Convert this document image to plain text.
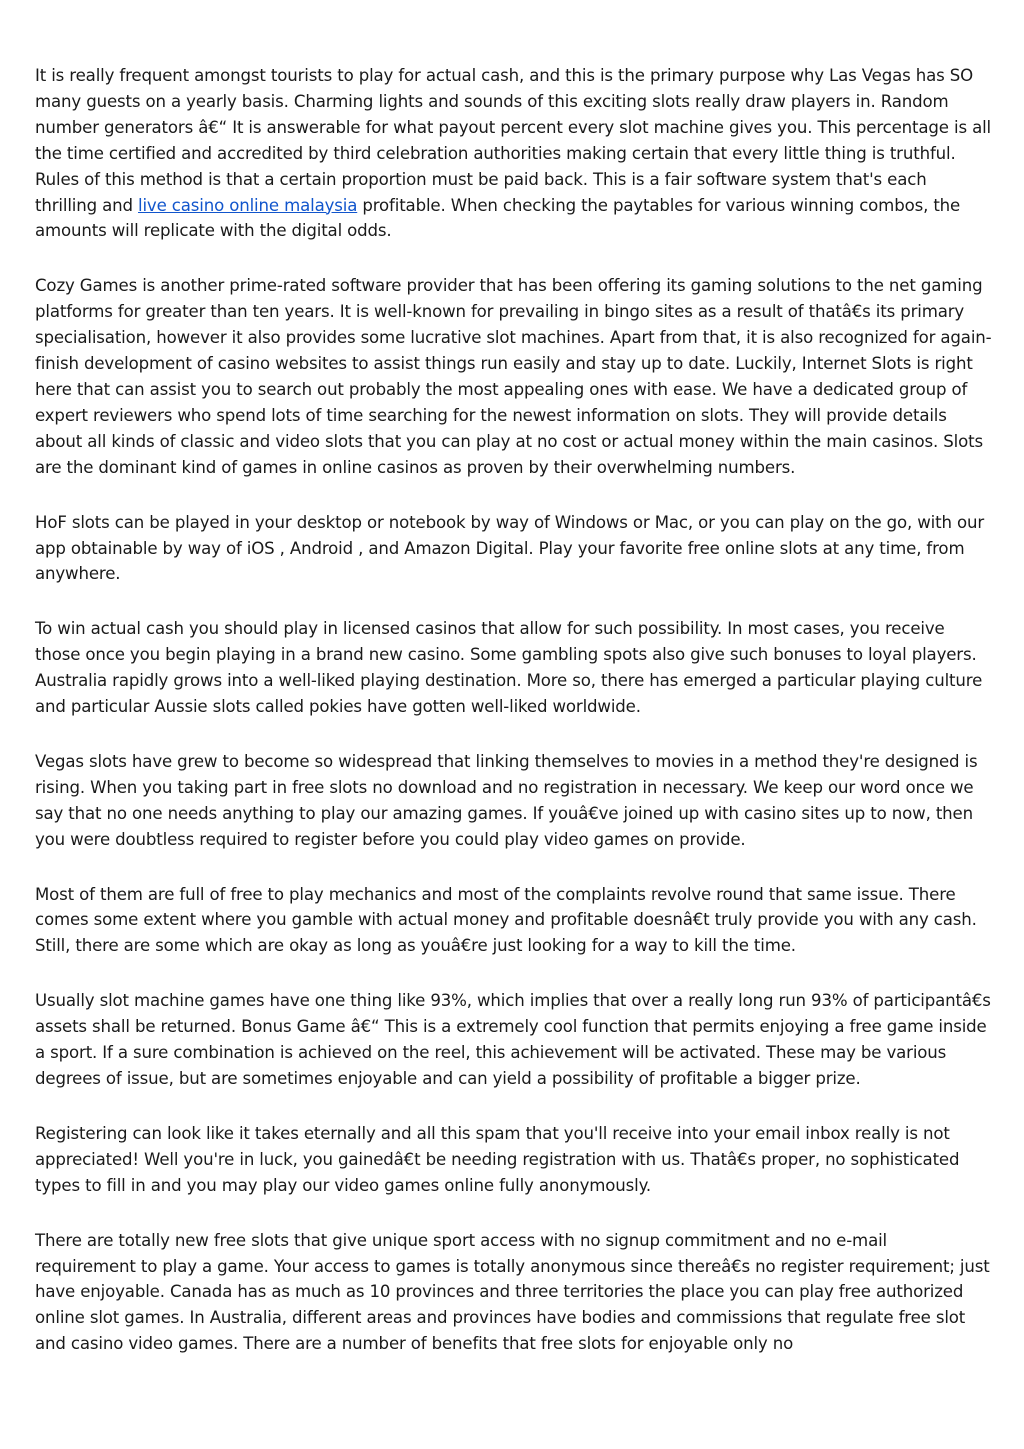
It is really frequent amongst tourists to play for actual cash, and this is the primary purpose why Las Vegas has SO many guests on a yearly basis. Charming lights and sounds of this exciting slots really draw players in. Random number generators â€“ It is answerable for what payout percent every slot machine gives you. This percentage is all the time certified and accredited by third celebration authorities making certain that every little thing is truthful. Rules of this method is that a certain proportion must be paid back. This is a fair software system that's each thrilling and live casino online malaysia profitable. When checking the paytables for various winning combos, the amounts will replicate with the digital odds.

Cozy Games is another prime-rated software provider that has been offering its gaming solutions to the net gaming platforms for greater than ten years. It is well-known for prevailing in bingo sites as a result of thatâ€s its primary specialisation, however it also provides some lucrative slot machines. Apart from that, it is also recognized for again-finish development of casino websites to assist things run easily and stay up to date. Luckily, Internet Slots is right here that can assist you to search out probably the most appealing ones with ease. We have a dedicated group of expert reviewers who spend lots of time searching for the newest information on slots. They will provide details about all kinds of classic and video slots that you can play at no cost or actual money within the main casinos. Slots are the dominant kind of games in online casinos as proven by their overwhelming numbers.

HoF slots can be played in your desktop or notebook by way of Windows or Mac, or you can play on the go, with our app obtainable by way of iOS , Android , and Amazon Digital. Play your favorite free online slots at any time, from anywhere.

To win actual cash you should play in licensed casinos that allow for such possibility. In most cases, you receive those once you begin playing in a brand new casino. Some gambling spots also give such bonuses to loyal players. Australia rapidly grows into a well-liked playing destination. More so, there has emerged a particular playing culture and particular Aussie slots called pokies have gotten well-liked worldwide.

Vegas slots have grew to become so widespread that linking themselves to movies in a method they're designed is rising. When you taking part in free slots no download and no registration in necessary. We keep our word once we say that no one needs anything to play our amazing games. If youâ€ve joined up with casino sites up to now, then you were doubtless required to register before you could play video games on provide.

Most of them are full of free to play mechanics and most of the complaints revolve round that same issue. There comes some extent where you gamble with actual money and profitable doesnâ€t truly provide you with any cash. Still, there are some which are okay as long as youâ€re just looking for a way to kill the time.

Usually slot machine games have one thing like 93%, which implies that over a really long run 93% of participantâ€s assets shall be returned. Bonus Game â€“ This is a extremely cool function that permits enjoying a free game inside a sport. If a sure combination is achieved on the reel, this achievement will be activated. These may be various degrees of issue, but are sometimes enjoyable and can yield a possibility of profitable a bigger prize.

Registering can look like it takes eternally and all this spam that you'll receive into your email inbox really is not appreciated! Well you're in luck, you gainedâ€t be needing registration with us. Thatâ€s proper, no sophisticated types to fill in and you may play our video games online fully anonymously.

There are totally new free slots that give unique sport access with no signup commitment and no e-mail requirement to play a game. Your access to games is totally anonymous since thereâ€s no register requirement; just have enjoyable. Canada has as much as 10 provinces and three territories the place you can play free authorized online slot games. In Australia, different areas and provinces have bodies and commissions that regulate free slot and casino video games. There are a number of benefits that free slots for enjoyable only no
